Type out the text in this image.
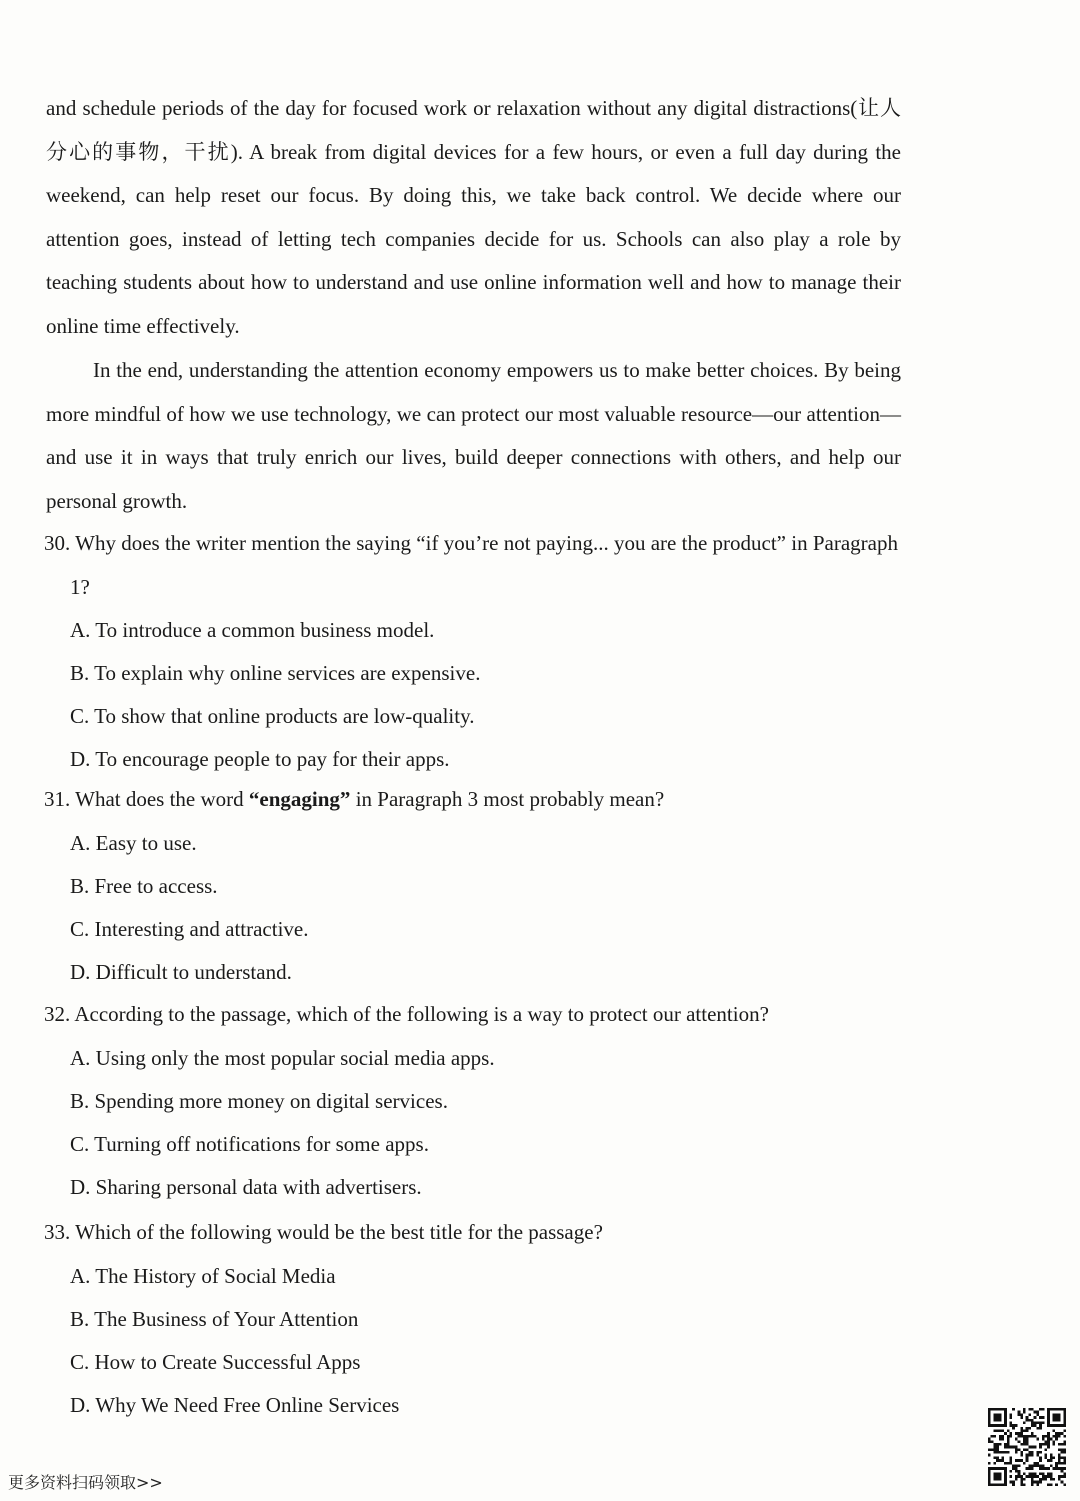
and schedule periods of the day for focused work or relaxation without any digital distractions(让人分心的事物，干扰). A break from digital devices for a few hours, or even a full day during the weekend, can help reset our focus. By doing this, we take back control. We decide where our attention goes, instead of letting tech companies decide for us. Schools can also play a role by teaching students about how to understand and use online information well and how to manage their online time effectively.

In the end, understanding the attention economy empowers us to make better choices. By being more mindful of how we use technology, we can protect our most valuable resource—our attention—and use it in ways that truly enrich our lives, build deeper connections with others, and help our personal growth.

30. Why does the writer mention the saying “if you’re not paying... you are the product” in Paragraph 1?

A. To introduce a common business model.
B. To explain why online services are expensive.
C. To show that online products are low-quality.
D. To encourage people to pay for their apps.

31. What does the word “engaging” in Paragraph 3 most probably mean?

A. Easy to use.
B. Free to access.
C. Interesting and attractive.
D. Difficult to understand.

32. According to the passage, which of the following is a way to protect our attention?

A. Using only the most popular social media apps.
B. Spending more money on digital services.
C. Turning off notifications for some apps.
D. Sharing personal data with advertisers.

33. Which of the following would be the best title for the passage?

A. The History of Social Media
B. The Business of Your Attention
C. How to Create Successful Apps
D. Why We Need Free Online Services
更多资料扫码领取>>
